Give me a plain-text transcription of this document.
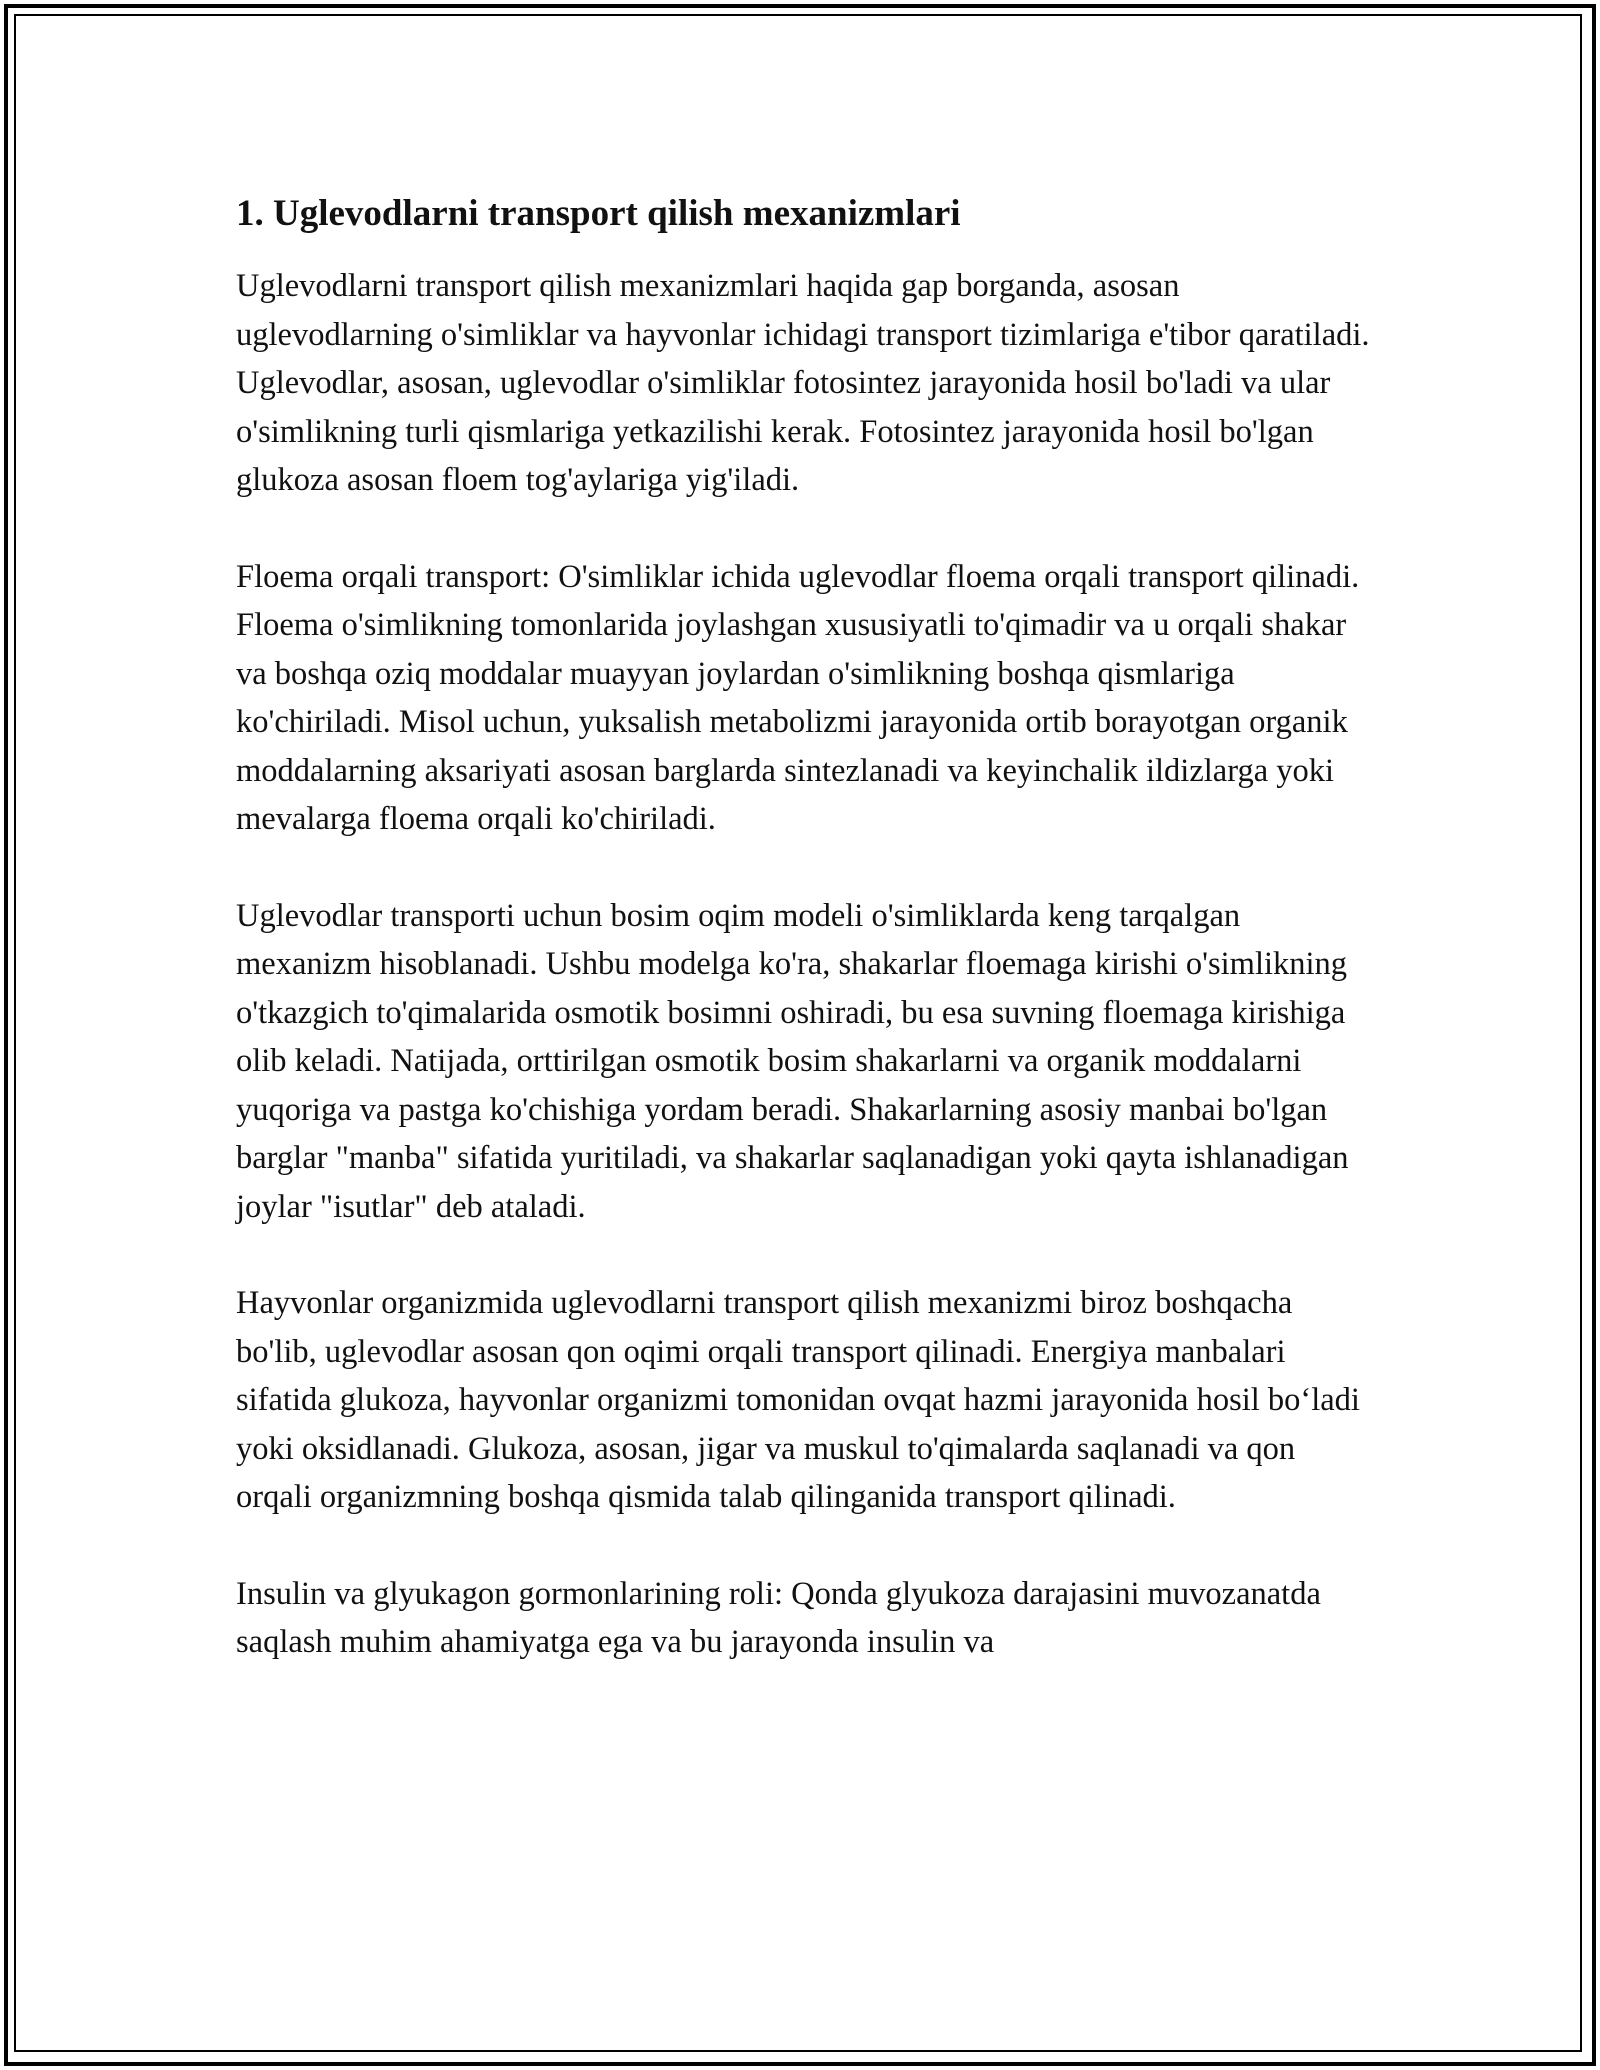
1. Uglevodlarni transport qilish mexanizmlari

Uglevodlarni transport qilish mexanizmlari haqida gap borganda, asosan uglevodlarning o'simliklar va hayvonlar ichidagi transport tizimlariga e'tibor qaratiladi. Uglevodlar, asosan, uglevodlar o'simliklar fotosintez jarayonida hosil bo'ladi va ular o'simlikning turli qismlariga yetkazilishi kerak. Fotosintez jarayonida hosil bo'lgan glukoza asosan floem tog'aylariga yig'iladi.

Floema orqali transport: O'simliklar ichida uglevodlar floema orqali transport qilinadi. Floema o'simlikning tomonlarida joylashgan xususiyatli to'qimadir va u orqali shakar va boshqa oziq moddalar muayyan joylardan o'simlikning boshqa qismlariga ko'chiriladi. Misol uchun, yuksalish metabolizmi jarayonida ortib borayotgan organik moddalarning aksariyati asosan barglarda sintezlanadi va keyinchalik ildizlarga yoki mevalarga floema orqali ko'chiriladi.

Uglevodlar transporti uchun bosim oqim modeli o'simliklarda keng tarqalgan mexanizm hisoblanadi. Ushbu modelga ko'ra, shakarlar floemaga kirishi o'simlikning o'tkazgich to'qimalarida osmotik bosimni oshiradi, bu esa suvning floemaga kirishiga olib keladi. Natijada, orttirilgan osmotik bosim shakarlarni va organik moddalarni yuqoriga va pastga ko'chishiga yordam beradi. Shakarlarning asosiy manbai bo'lgan barglar "manba" sifatida yuritiladi, va shakarlar saqlanadigan yoki qayta ishlanadigan joylar "isutlar" deb ataladi.

Hayvonlar organizmida uglevodlarni transport qilish mexanizmi biroz boshqacha bo'lib, uglevodlar asosan qon oqimi orqali transport qilinadi. Energiya manbalari sifatida glukoza, hayvonlar organizmi tomonidan ovqat hazmi jarayonida hosil bo‘ladi yoki oksidlanadi. Glukoza, asosan, jigar va muskul to'qimalarda saqlanadi va qon orqali organizmning boshqa qismida talab qilinganida transport qilinadi.

Insulin va glyukagon gormonlarining roli: Qonda glyukoza darajasini muvozanatda saqlash muhim ahamiyatga ega va bu jarayonda insulin va
